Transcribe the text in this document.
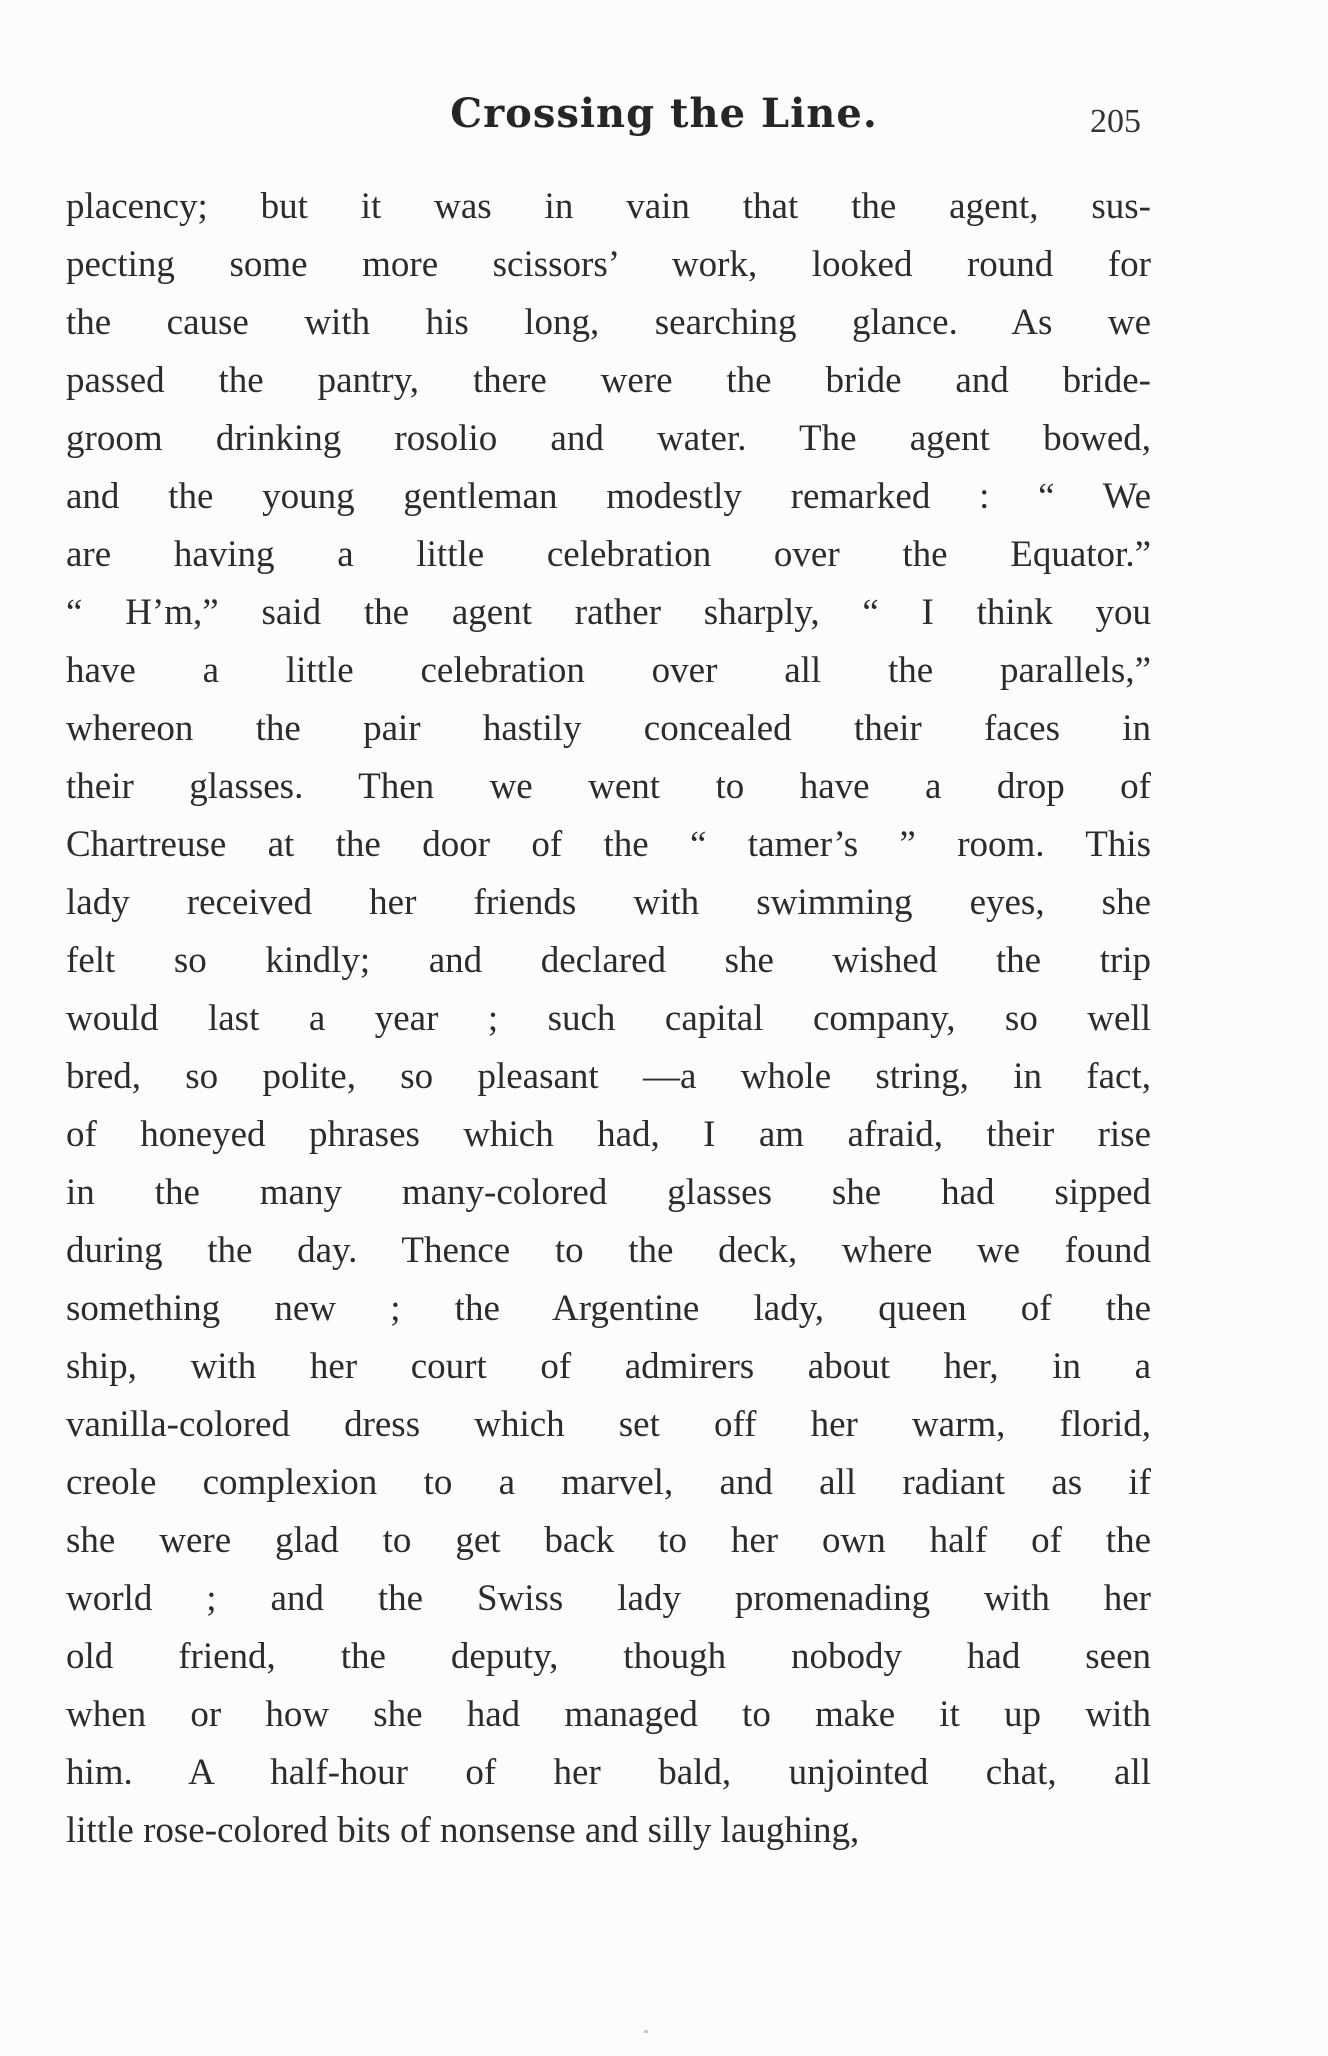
Crossing the Line.	205
placency; but it was in vain that the agent, sus-
pecting some more scissors’ work, looked round for
the cause with his long, searching glance. As we
passed the pantry, there were the bride and bride-
groom drinking rosolio and water. The agent bowed,
and the young gentleman modestly remarked : “ We
are having a little celebration over the Equator.”
“ H’m,” said the agent rather sharply, “ I think you
have a little celebration over all the parallels,”
whereon the pair hastily concealed their faces in
their glasses. Then we went to have a drop of
Chartreuse at the door of the “ tamer’s ” room. This
lady received her friends with swimming eyes, she
felt so kindly; and declared she wished the trip
would last a year ; such capital company, so well
bred, so polite, so pleasant —a whole string, in fact,
of honeyed phrases which had, I am afraid, their rise
in the many many-colored glasses she had sipped
during the day. Thence to the deck, where we found
something new ; the Argentine lady, queen of the
ship, with her court of admirers about her, in a
vanilla-colored dress which set off her warm, florid,
creole complexion to a marvel, and all radiant as if
she were glad to get back to her own half of the
world ; and the Swiss lady promenading with her
old friend, the deputy, though nobody had seen
when or how she had managed to make it up with
him. A half-hour of her bald, unjointed chat, all
little rose-colored bits of nonsense and silly laughing,
